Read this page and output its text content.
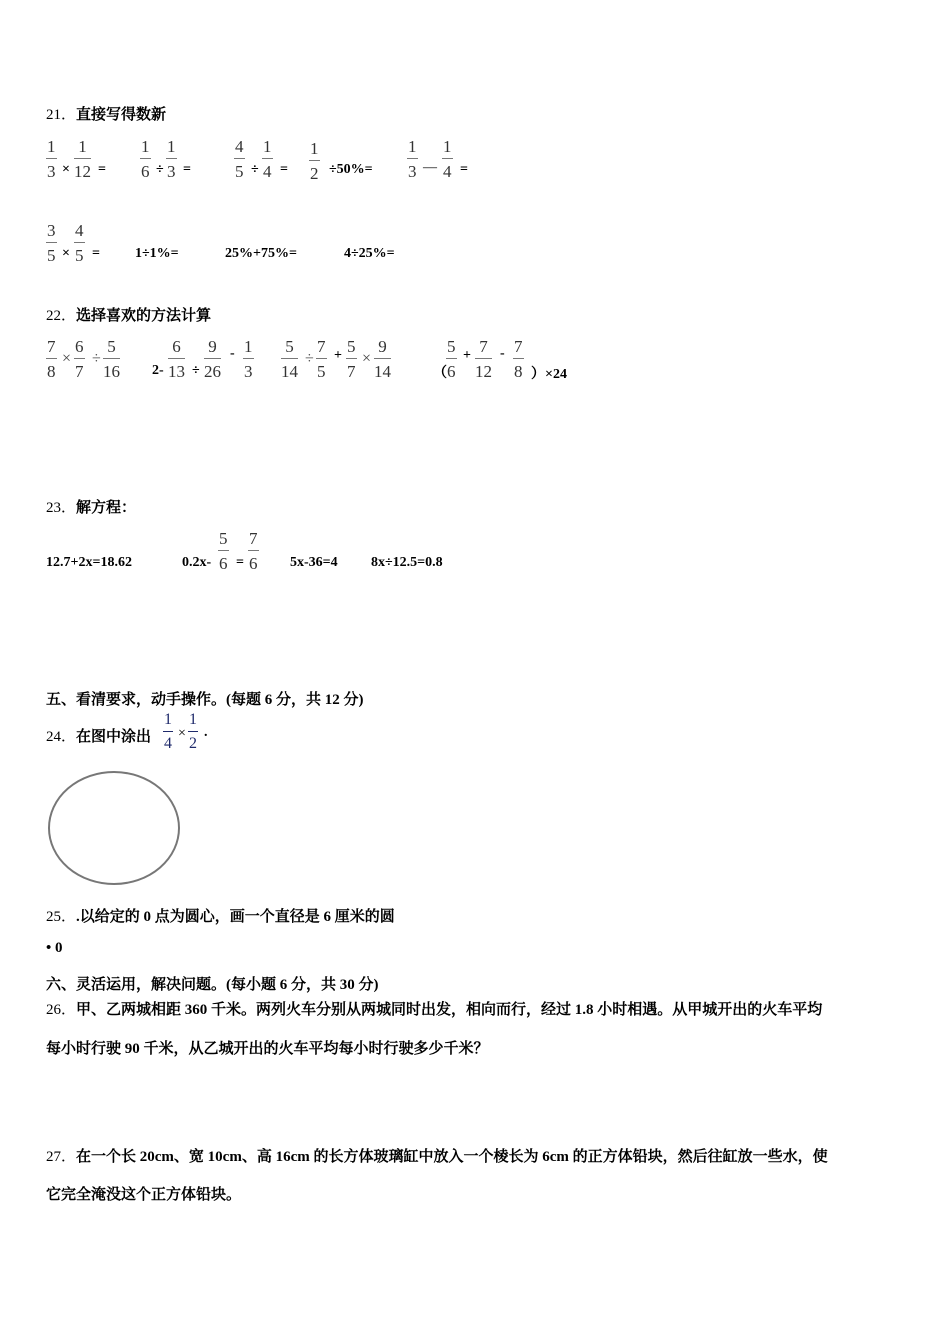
21．直接写得数新
1
3 ×
1
12 =
1
6 ÷
1
3 =
4
5 ÷
1
4 =
1
2 ÷50%=
1
3 —
1
4 =
3
5 ×
4
5 =	1÷1%=	25%+75%=	4÷25%=
22．选择喜欢的方法计算
7
8
×
6
7
÷
5
16 2-
6
13 ÷
9
26
- 1
3
5
14
÷
7
5
+ 5
7
×
9
14	（
5
6
+ 7
12
- 7
8 ）×24
23．解方程：
12.7+2x=18.62	0.2x-
5
6 =
7
6 5x-36=4 8x÷12.5=0.8
五、看清要求，动手操作。(每题 6 分，共 12 分)
24．在图中涂出
1
4
×
1
2
.
25．.以给定的 0 点为圆心，画一个直径是 6 厘米的圆
• 0
六、灵活运用，解决问题。(每小题 6 分，共 30 分)
26．甲、乙两城相距 360 千米。两列火车分别从两城同时出发，相向而行，经过 1.8 小时相遇。从甲城开出的火车平均
每小时行驶 90 千米，从乙城开出的火车平均每小时行驶多少千米？
27．在一个长 20cm、宽 10cm、高 16cm 的长方体玻璃缸中放入一个棱长为 6cm 的正方体铅块，然后往缸放一些水，使
它完全淹没这个正方体铅块。
